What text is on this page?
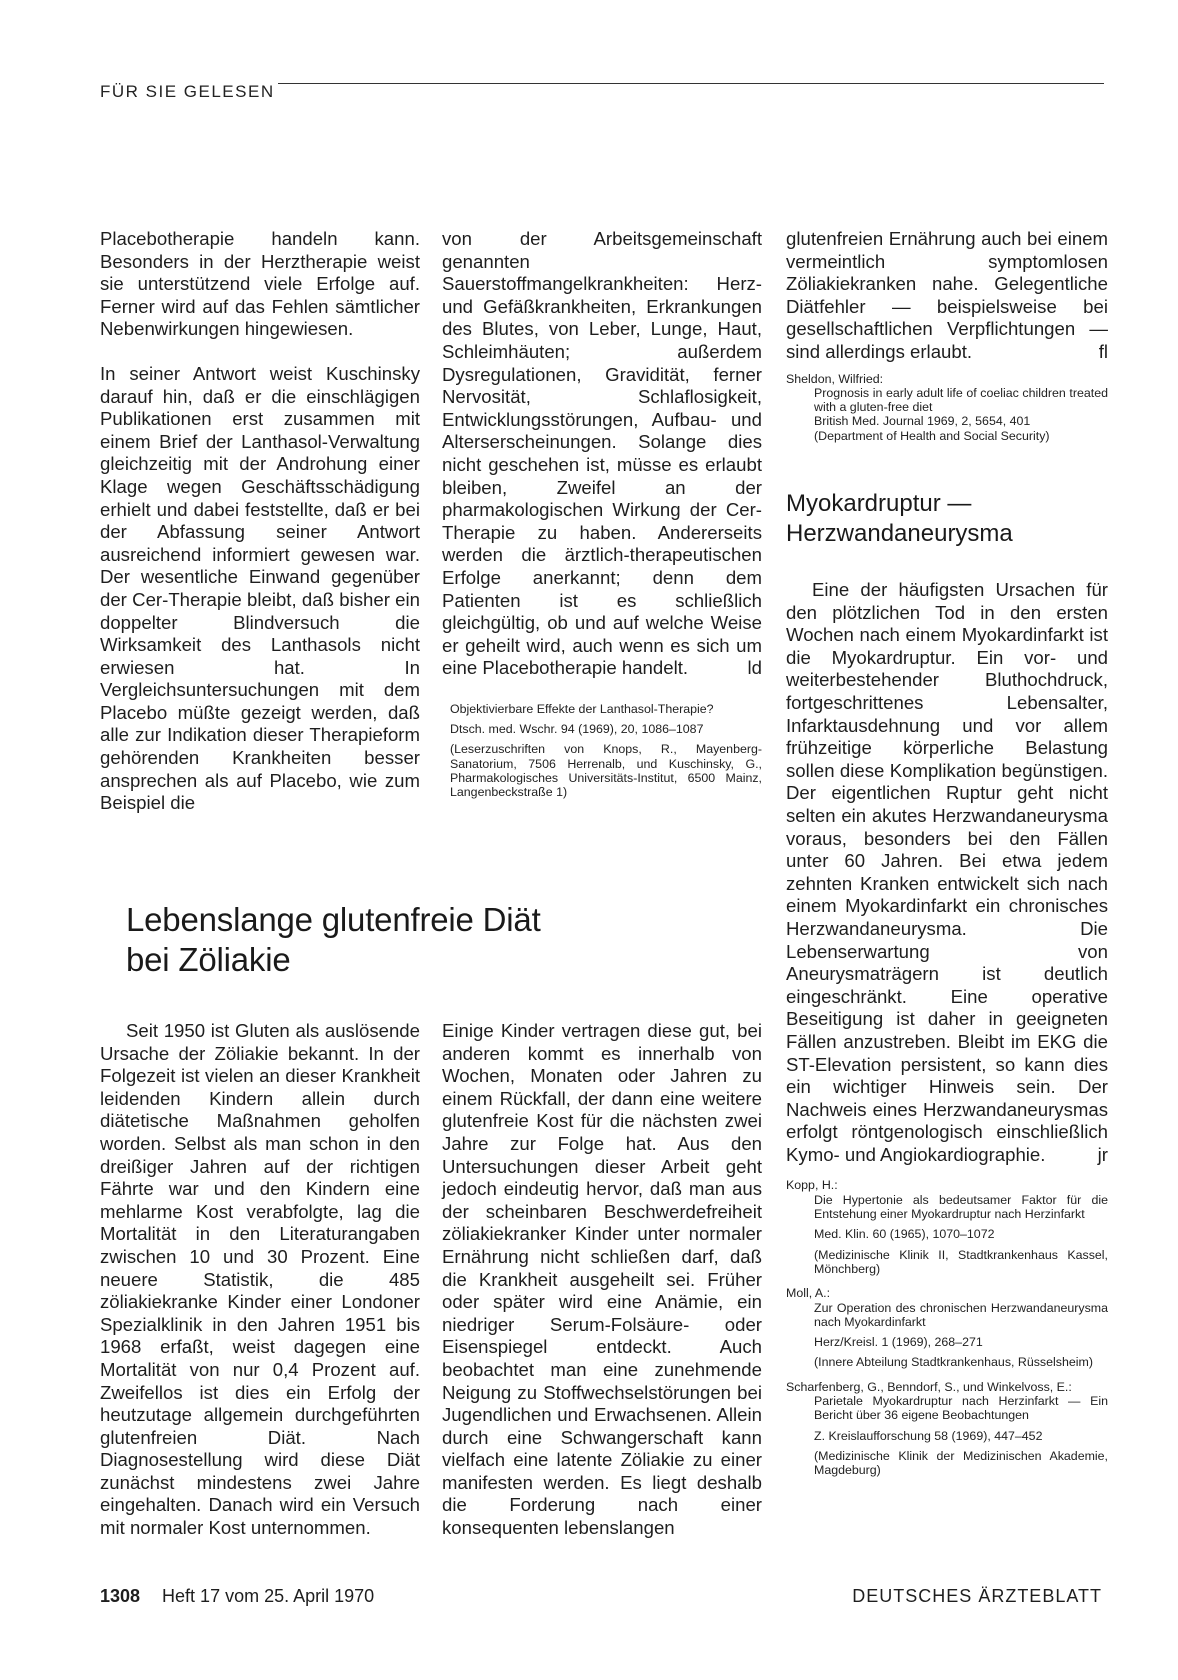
FÜR SIE GELESEN

Placebotherapie handeln kann. Besonders in der Herztherapie weist sie unterstützend viele Erfolge auf. Ferner wird auf das Fehlen sämtlicher Nebenwirkungen hingewiesen.

In seiner Antwort weist Kuschinsky darauf hin, daß er die einschlägigen Publikationen erst zusammen mit einem Brief der Lanthasol-Verwaltung gleichzeitig mit der Androhung einer Klage wegen Geschäftsschädigung erhielt und dabei feststellte, daß er bei der Abfassung seiner Antwort ausreichend informiert gewesen war. Der wesentliche Einwand gegenüber der Cer-Therapie bleibt, daß bisher ein doppelter Blindversuch die Wirksamkeit des Lanthasols nicht erwiesen hat. In Vergleichsuntersuchungen mit dem Placebo müßte gezeigt werden, daß alle zur Indikation dieser Therapieform gehörenden Krankheiten besser ansprechen als auf Placebo, wie zum Beispiel die

von der Arbeitsgemeinschaft genannten Sauerstoffmangelkrankheiten: Herz- und Gefäßkrankheiten, Erkrankungen des Blutes, von Leber, Lunge, Haut, Schleimhäuten; außerdem Dysregulationen, Gravidität, ferner Nervosität, Schlaflosigkeit, Entwicklungsstörungen, Aufbau- und Alterserscheinungen. Solange dies nicht geschehen ist, müsse es erlaubt bleiben, Zweifel an der pharmakologischen Wirkung der Cer-Therapie zu haben. Andererseits werden die ärztlich-therapeutischen Erfolge anerkannt; denn dem Patienten ist es schließlich gleichgültig, ob und auf welche Weise er geheilt wird, auch wenn es sich um eine Placebotherapie handelt.	ld

Objektivierbare Effekte der Lanthasol-Therapie?
Dtsch. med. Wschr. 94 (1969), 20, 1086–1087
(Leserzuschriften von Knops, R., Mayenberg-Sanatorium, 7506 Herrenalb, und Kuschinsky, G., Pharmakologisches Universitäts-Institut, 6500 Mainz, Langenbeckstraße 1)

glutenfreien Ernährung auch bei einem vermeintlich symptomlosen Zöliakiekranken nahe. Gelegentliche Diätfehler — beispielsweise bei gesellschaftlichen Verpflichtungen — sind allerdings erlaubt.	fl

Sheldon, Wilfried:
Prognosis in early adult life of coeliac children treated with a gluten-free diet
British Med. Journal 1969, 2, 5654, 401
(Department of Health and Social Security)
Myokardruptur —
Herzwandaneurysma

Eine der häufigsten Ursachen für den plötzlichen Tod in den ersten Wochen nach einem Myokardinfarkt ist die Myokardruptur. Ein vor- und weiterbestehender Bluthochdruck, fortgeschrittenes Lebensalter, Infarktausdehnung und vor allem frühzeitige körperliche Belastung sollen diese Komplikation begünstigen. Der eigentlichen Ruptur geht nicht selten ein akutes Herzwandaneurysma voraus, besonders bei den Fällen unter 60 Jahren. Bei etwa jedem zehnten Kranken entwickelt sich nach einem Myokardinfarkt ein chronisches Herzwandaneurysma. Die Lebenserwartung von Aneurysmaträgern ist deutlich eingeschränkt. Eine operative Beseitigung ist daher in geeigneten Fällen anzustreben. Bleibt im EKG die ST-Elevation persistent, so kann dies ein wichtiger Hinweis sein. Der Nachweis eines Herzwandaneurysmas erfolgt röntgenologisch einschließlich Kymo- und Angiokardiographie.	jr

Kopp, H.:
Die Hypertonie als bedeutsamer Faktor für die Entstehung einer Myokardruptur nach Herzinfarkt
Med. Klin. 60 (1965), 1070–1072
(Medizinische Klinik II, Stadtkrankenhaus Kassel, Mönchberg)
Moll, A.:
Zur Operation des chronischen Herzwandaneurysma nach Myokardinfarkt
Herz/Kreisl. 1 (1969), 268–271
(Innere Abteilung Stadtkrankenhaus, Rüsselsheim)
Scharfenberg, G., Benndorf, S., und Winkelvoss, E.:
Parietale Myokardruptur nach Herzinfarkt — Ein Bericht über 36 eigene Beobachtungen
Z. Kreislaufforschung 58 (1969), 447–452
(Medizinische Klinik der Medizinischen Akademie, Magdeburg)
Lebenslange glutenfreie Diät
bei Zöliakie

Seit 1950 ist Gluten als auslösende Ursache der Zöliakie bekannt. In der Folgezeit ist vielen an dieser Krankheit leidenden Kindern allein durch diätetische Maßnahmen geholfen worden. Selbst als man schon in den dreißiger Jahren auf der richtigen Fährte war und den Kindern eine mehlarme Kost verabfolgte, lag die Mortalität in den Literaturangaben zwischen 10 und 30 Prozent. Eine neuere Statistik, die 485 zöliakiekranke Kinder einer Londoner Spezialklinik in den Jahren 1951 bis 1968 erfaßt, weist dagegen eine Mortalität von nur 0,4 Prozent auf. Zweifellos ist dies ein Erfolg der heutzutage allgemein durchgeführten glutenfreien Diät. Nach Diagnosestellung wird diese Diät zunächst mindestens zwei Jahre eingehalten. Danach wird ein Versuch mit normaler Kost unternommen.

Einige Kinder vertragen diese gut, bei anderen kommt es innerhalb von Wochen, Monaten oder Jahren zu einem Rückfall, der dann eine weitere glutenfreie Kost für die nächsten zwei Jahre zur Folge hat. Aus den Untersuchungen dieser Arbeit geht jedoch eindeutig hervor, daß man aus der scheinbaren Beschwerdefreiheit zöliakiekranker Kinder unter normaler Ernährung nicht schließen darf, daß die Krankheit ausgeheilt sei. Früher oder später wird eine Anämie, ein niedriger Serum-Folsäure- oder Eisenspiegel entdeckt. Auch beobachtet man eine zunehmende Neigung zu Stoffwechselstörungen bei Jugendlichen und Erwachsenen. Allein durch eine Schwangerschaft kann vielfach eine latente Zöliakie zu einer manifesten werden. Es liegt deshalb die Forderung nach einer konsequenten lebenslangen

1308 Heft 17 vom 25. April 1970	DEUTSCHES ÄRZTEBLATT
